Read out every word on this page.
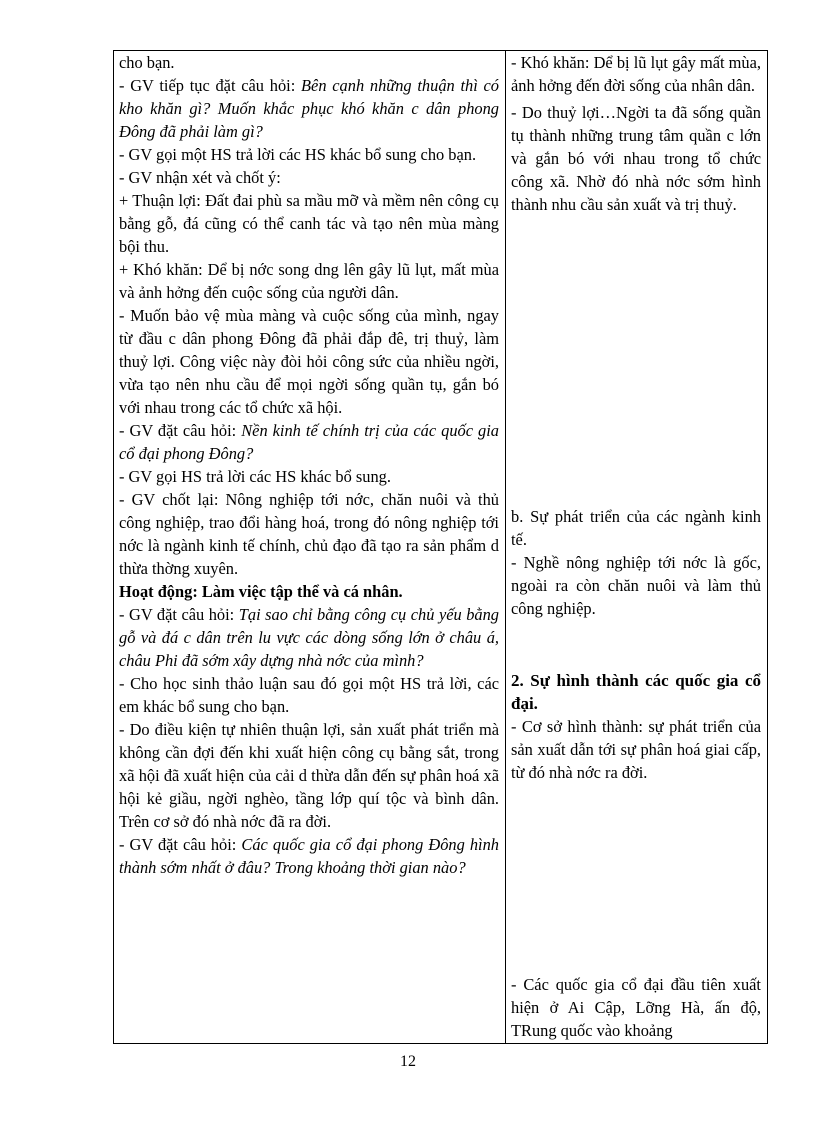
cho bạn.

- GV tiếp tục đặt câu hỏi: Bên cạnh những thuận thì có kho khăn gì? Muốn khắc phục khó khăn c dân phong Đông đã phải làm gì?

- GV gọi một HS trả lời các HS khác bổ sung cho bạn.

- GV nhận xét và chốt ý:

+ Thuận lợi: Đất đai phù sa mầu mỡ và mềm nên công cụ bằng gỗ, đá cũng có thể canh tác và tạo nên mùa màng bội thu.

+ Khó khăn: Dể bị nớc song dng lên gây lũ lụt, mất mùa và ảnh hởng đến cuộc sống của người dân.

- Muốn bảo vệ mùa màng và cuộc sống của mình, ngay từ đầu c dân phong Đông đã phải đắp đê, trị thuỷ, làm thuỷ lợi. Công việc này đòi hỏi công sức của nhiều ngời, vừa tạo nên nhu cầu để mọi ngời sống quần tụ, gắn bó với nhau trong các tổ chức xã hội.

- GV đặt câu hỏi: Nền kinh tế chính trị của các quốc gia cổ đại phong Đông?

- GV gọi HS trả lời các HS khác bổ sung.

- GV chốt lại: Nông nghiệp tới nớc, chăn nuôi và thủ công nghiệp, trao đổi hàng hoá, trong đó nông nghiệp tới nớc là ngành kinh tế chính, chủ đạo đã tạo ra sản phẩm d thừa thờng xuyên.

Hoạt động: Làm việc tập thể và cá nhân.

- GV đặt câu hỏi: Tại sao chỉ bằng công cụ chủ yếu bằng gỗ và đá c dân trên lu vực các dòng sống lớn ở châu á, châu Phi đã sớm xây dựng nhà nớc của mình?

- Cho học sinh thảo luận sau đó gọi một HS trả lời, các em khác bổ sung cho bạn.

- Do điều kiện tự nhiên thuận lợi, sản xuất phát triển mà không cần đợi đến khi xuất hiện công cụ bằng sắt, trong xã hội đã xuất hiện của cải d thừa dẫn đến sự phân hoá xã hội kẻ giầu, ngời nghèo, tầng lớp quí tộc và bình dân. Trên cơ sở đó nhà nớc đã ra đời.

- GV đặt câu hỏi: Các quốc gia cổ đại phong Đông hình thành sớm nhất ở đâu? Trong khoảng thời gian nào?

- Khó khăn: Dể bị lũ lụt gây mất mùa, ảnh hởng đến đời sống của nhân dân.

- Do thuỷ lợi…Ngời ta đã sống quần tụ thành những trung tâm quần c lớn và gắn bó với nhau trong tổ chức công xã. Nhờ đó nhà nớc sớm hình thành nhu cầu sản xuất và trị thuỷ.

b. Sự phát triển của các ngành kinh tế.

- Nghề nông nghiệp tới nớc là gốc, ngoài ra còn chăn nuôi và làm thủ công nghiệp.

2. Sự hình thành các quốc gia cổ đại.

- Cơ sở hình thành: sự phát triển của sản xuất dẫn tới sự phân hoá giai cấp, từ đó nhà nớc ra đời.

- Các quốc gia cổ đại đầu tiên xuất hiện ở Ai Cập, Lỡng Hà, ấn độ, TRung quốc vào khoảng

12
